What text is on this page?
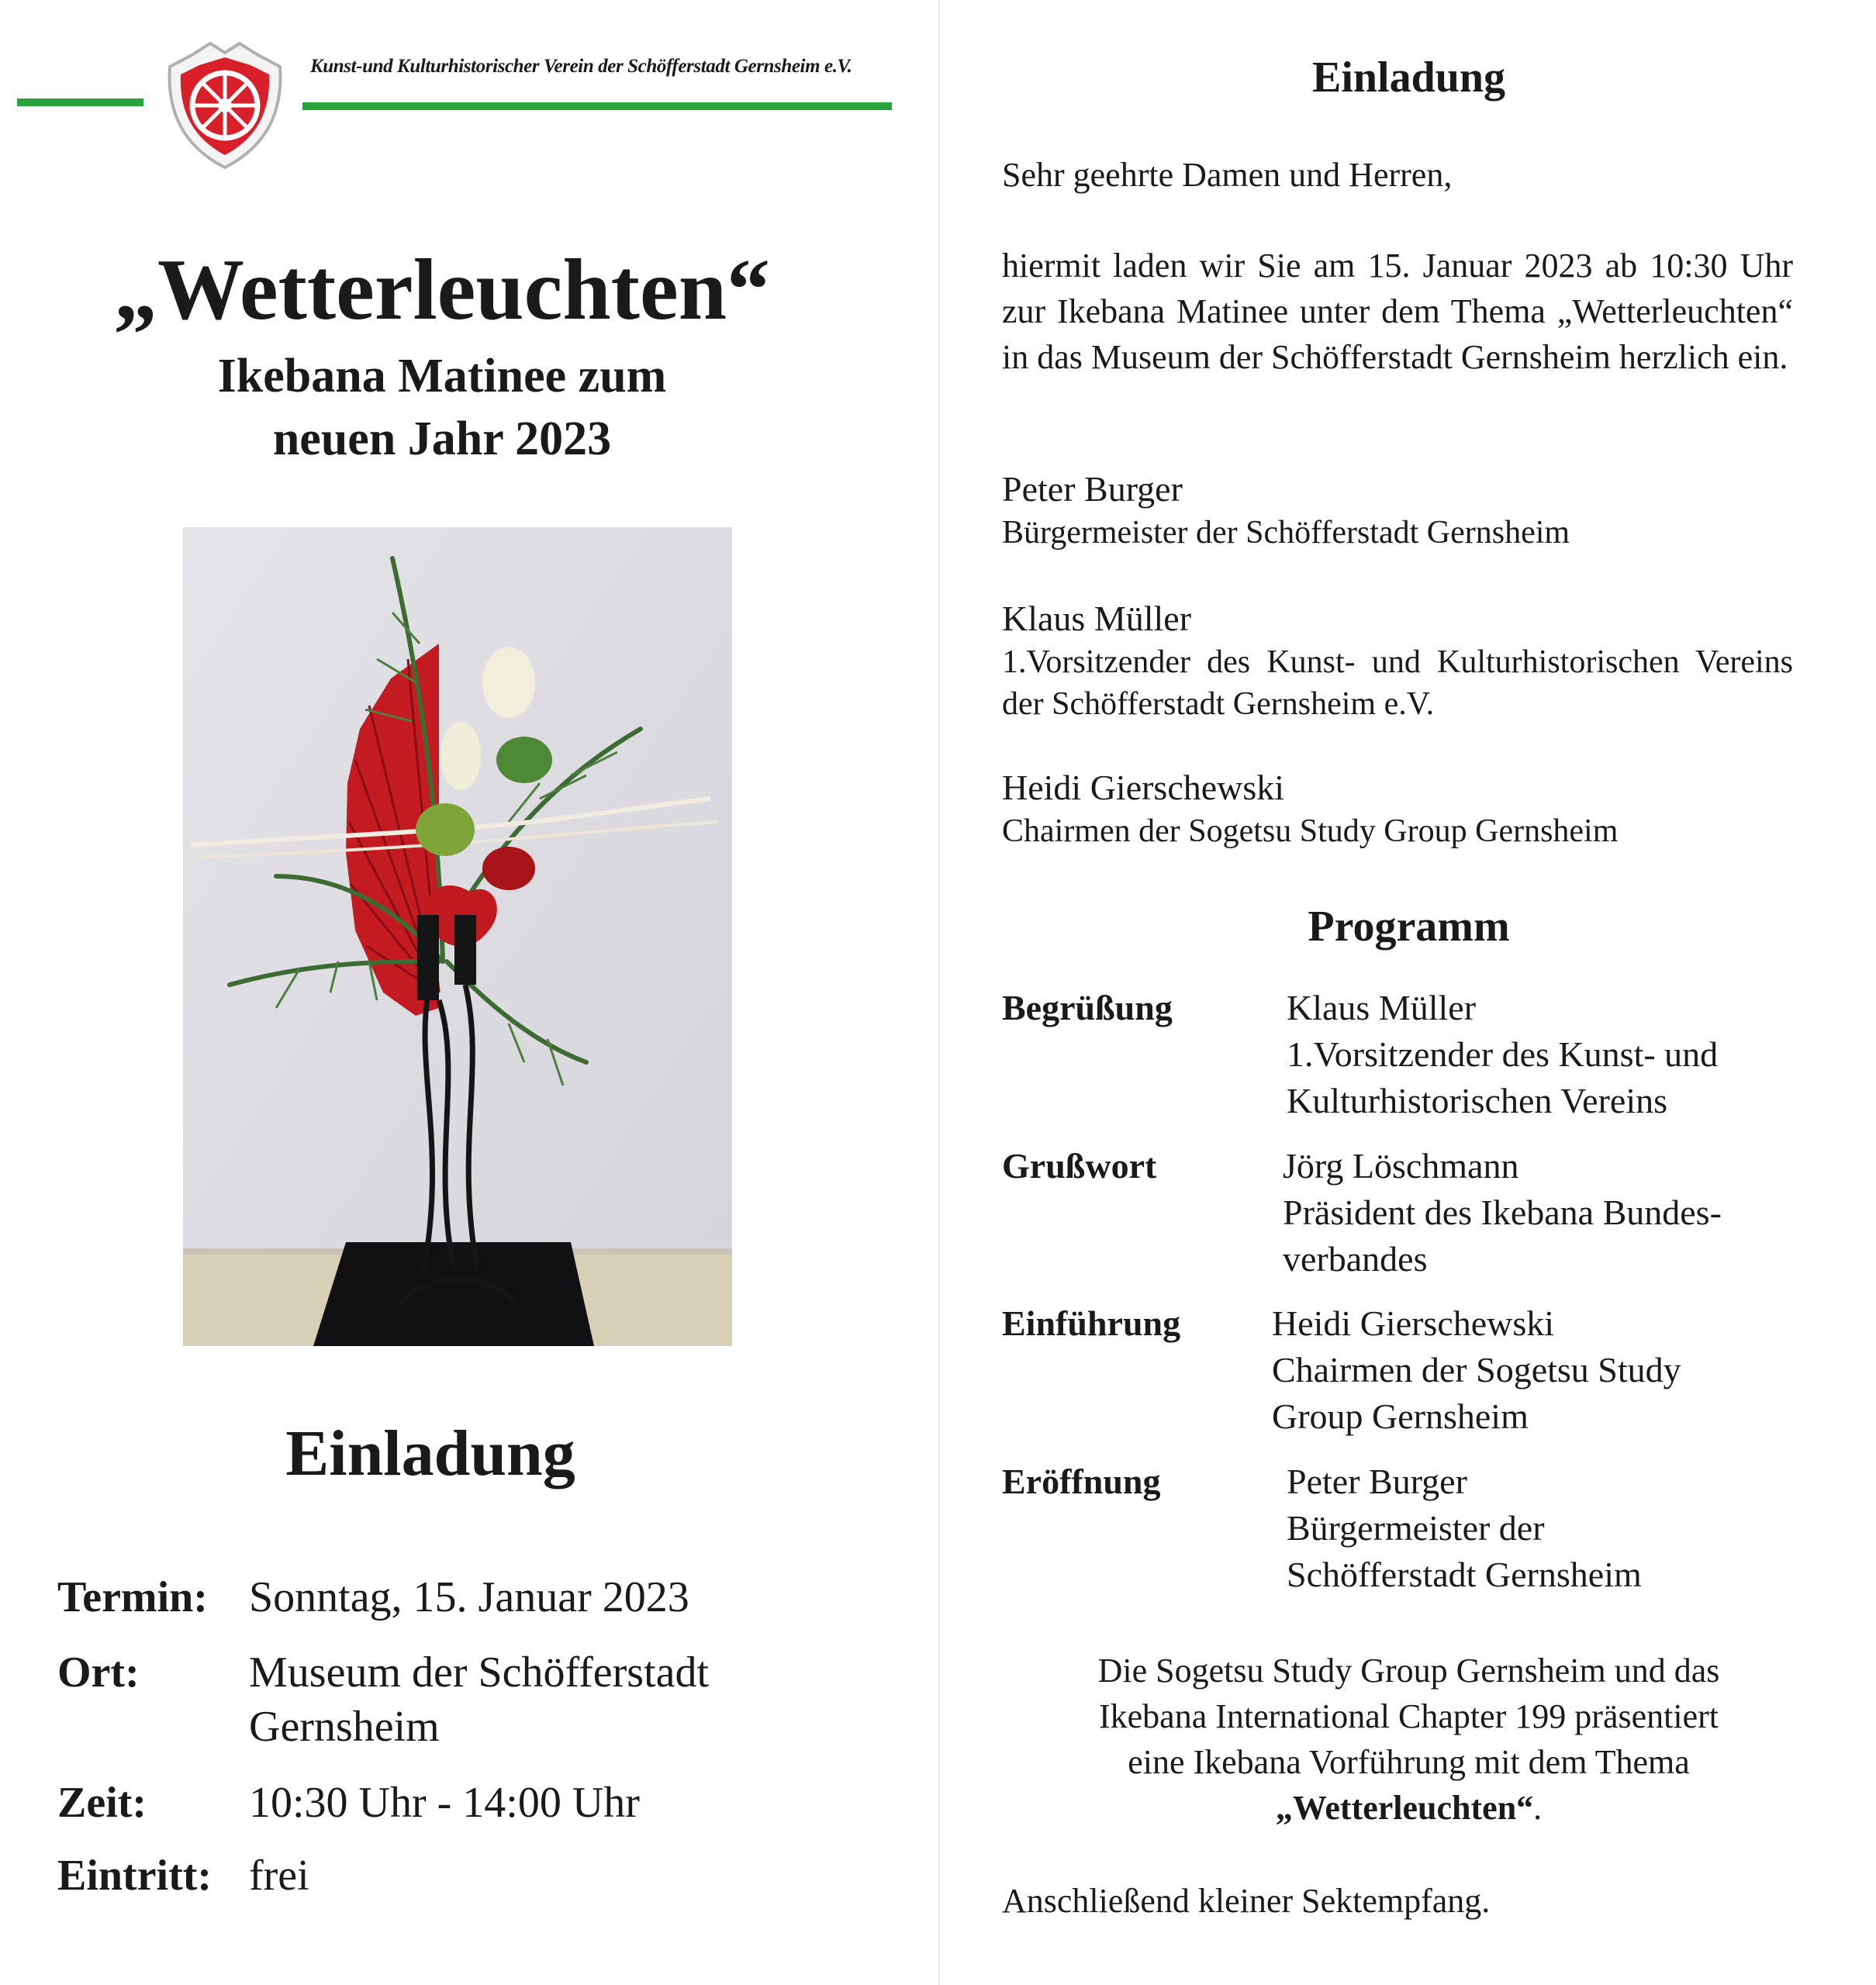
Kunst-und Kulturhistorischer Verein der Schöfferstadt Gernsheim e.V.
„Wetterleuchten“
Ikebana Matinee zum
neuen Jahr 2023
Einladung
Termin: Sonntag, 15. Januar 2023
Ort:	Museum der Schöfferstadt
Gernsheim
Zeit: 10:30 Uhr - 14:00 Uhr
Eintritt: frei
Einladung
Sehr geehrte Damen und Herren,
hiermit laden wir Sie am 15. Januar 2023 ab 10:30 Uhr zur Ikebana Matinee unter dem Thema „Wetterleuchten“ in das Museum der Schöfferstadt Gernsheim herzlich ein.
Peter Burger
Bürgermeister der Schöfferstadt Gernsheim
Klaus Müller
1.Vorsitzender des Kunst- und Kulturhistorischen Vereins der Schöfferstadt Gernsheim e.V.
Heidi Gierschewski
Chairmen der Sogetsu Study Group Gernsheim
Programm
Begrüßung	Klaus Müller
1.Vorsitzender des Kunst- und
Kulturhistorischen Vereins
Grußwort	Jörg Löschmann
Präsident des Ikebana Bundes-
verbandes
Einführung	Heidi Gierschewski
Chairmen der Sogetsu Study
Group Gernsheim
Eröffnung	Peter Burger
Bürgermeister der
Schöfferstadt Gernsheim
Die Sogetsu Study Group Gernsheim und das
Ikebana International Chapter 199 präsentiert
eine Ikebana Vorführung mit dem Thema
„Wetterleuchten“.
Anschließend kleiner Sektempfang.
